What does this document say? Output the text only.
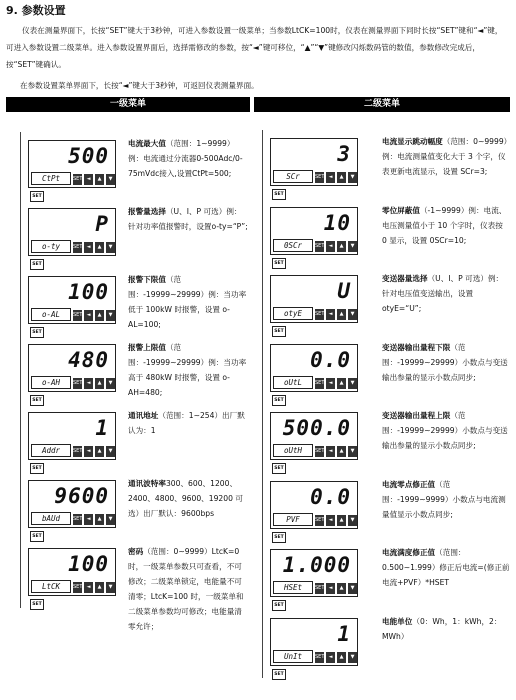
9. 参数设置

仪表在测量界面下，长按“SET”键大于3秒钟，可进入参数设置一级菜单；当参数LtCK=100时，仪表在测量界面下同时长按“SET”键和“◄”键，可进入参数设置二级菜单。进入参数设置界面后，选择需修改的参数，按“◄”键可移位，“▲”“▼”键修改闪烁数码管的数值，参数修改完成后，按“SET”键确认。

在参数设置菜单界面下，长按“◄”键大于3秒钟，可返回仪表测量界面。
一级菜单	二级菜单
500
CtPt	SET ◄	▲	▼
SET
电流最大值（范围：1~9999）例：电流通过分流器0-500Adc/0-75mVdc接入,设置CtPt=500;
P
o-ty	SET ◄	▲	▼
SET
报警量选择（U、I、P 可选）例：针对功率值报警时，设置o-ty=“P”;
100
o-AL	SET ◄	▲	▼
SET
报警下限值（范围：-19999~29999）例：当功率低于 100kW 时报警，设置 o-AL=100;
480
o-AH	SET ◄	▲	▼
SET
报警上限值（范围：-19999~29999）例：当功率高于 480kW 时报警，设置 o-AH=480;
1
Addr	SET ◄	▲	▼
SET
通讯地址（范围：1~254）出厂默认为：1
9600
bAUd	SET ◄	▲	▼
SET
通讯波特率300、600、1200、2400、4800、9600、19200 可选）出厂默认：9600bps
100
LtCK	SET ◄	▲	▼
SET
密码（范围：0~9999）LtcK=0 时，一级菜单参数只可查看，不可修改；二级菜单锁定，电能量不可清零；LtcK=100 时，一级菜单和二级菜单参数均可修改；电能量清零允许；
3
SCr	SET ◄	▲	▼
SET
电流显示跳动幅度（范围：0~9999）例：电流测量值变化大于 3 个字，仪表更新电流显示，设置 SCr=3;
10
0SCr	SET ◄	▲	▼
SET
零位屏蔽值（-1~9999）例：电流、电压测量值小于 10 个字时，仪表按 0 显示，设置 0SCr=10;
U
otyE	SET ◄	▲	▼
SET
变送器量选择（U、I、P 可选）例：针对电压值变送输出，设置 otyE=“U”;
0.0
oUtL	SET ◄	▲	▼
SET
变送器输出量程下限（范围：-19999~29999）小数点与变送输出参量的显示小数点同步;
500.0
oUtH	SET ◄	▲	▼
SET
变送器输出量程上限（范围：-19999~29999）小数点与变送输出参量的显示小数点同步;
0.0
PVF	SET ◄	▲	▼
SET
电流零点修正值（范围：-1999~9999）小数点与电流测量值显示小数点同步;
1.000
HSEt	SET ◄	▲	▼
SET
电流满度修正值（范围：0.500~1.999）修正后电流=(修正前电流+PVF）*HSET
1
UnIt	SET ◄	▲	▼
SET
电能单位（0：Wh，1：kWh，2：MWh）
